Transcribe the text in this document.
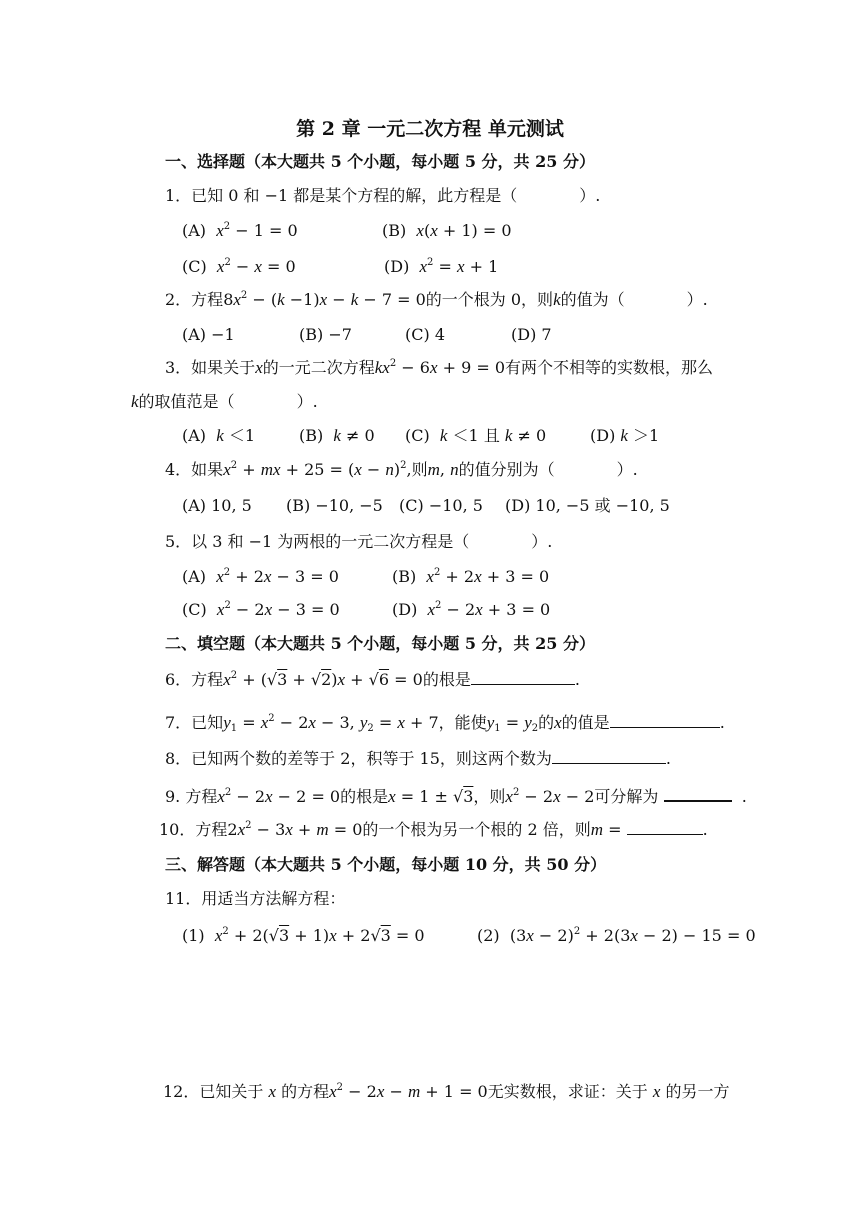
第 2 章 一元二次方程 单元测试
一、选择题（本大题共 5 个小题，每小题 5 分，共 25 分）
1．已知 0 和 −1 都是某个方程的解，此方程是（	）.
(A) $x^2 - 1 = 0$	(B) x(x + 1) = 0
(C) $x^2 - x = 0$	(D) $x^2 = x + 1$
2．方程$8x^2 - (k -1)x - k - 7 = 0$的一个根为 0，则k的值为（	）.
(A) −1	(B) −7	(C) 4	(D) 7
3．如果关于x的一元二次方程$kx^2 - 6x + 9 = 0$有两个不相等的实数根，那么
k的取值范是（	）.
(A) k ＜1	(B) k ≠ 0 (C) k ＜1 且 k ≠ 0	(D) k ＞1
4．如果$x^2$ + mx + $25 = (x - n)^2$,则m, n的值分别为（	）.
(A) 10, 5 (B) −10, −5 (C) −10, 5 (D) 10, −5 或 −10, 5
5．以 3 和 −1 为两根的一元二次方程是（	）.
(A) $x^2 + 2x - 3 = 0$	(B) $x^2 + 2x + 3 = 0$
(C) $x^2 - 2x - 3 = 0$	(D) $x^2 - 2x + 3 = 0$
二、填空题（本大题共 5 个小题，每小题 5 分，共 25 分）
6．方程$x^2 + (√3 + √2)x + √6 = 0$的根是	.
7．已知$y_1 = x^2 - 2x - 3$, $y_2 = x + 7$，能使$y_1 = y_2$的x的值是	.
8．已知两个数的差等于 2，积等于 15，则这两个数为	.
9. 方程$x^2 - 2x - 2 = 0$的根是x = 1 ± √3，则$x^2 - 2x - 2$可分解为	.
10．方程$2x^2 - 3x + m = 0$的一个根为另一个根的 2 倍，则m =	.
三、解答题（本大题共 5 个小题，每小题 10 分，共 50 分）
11．用适当方法解方程：
(1) $x^2 + 2(√3 + 1)x + 2√3 = 0$	(2)  $(3x - 2)^2 + 2(3x - 2) - 15 = 0$
12．已知关于 x 的方程$x^2 - 2x - m + 1 = 0$无实数根，求证：关于 x 的另一方
